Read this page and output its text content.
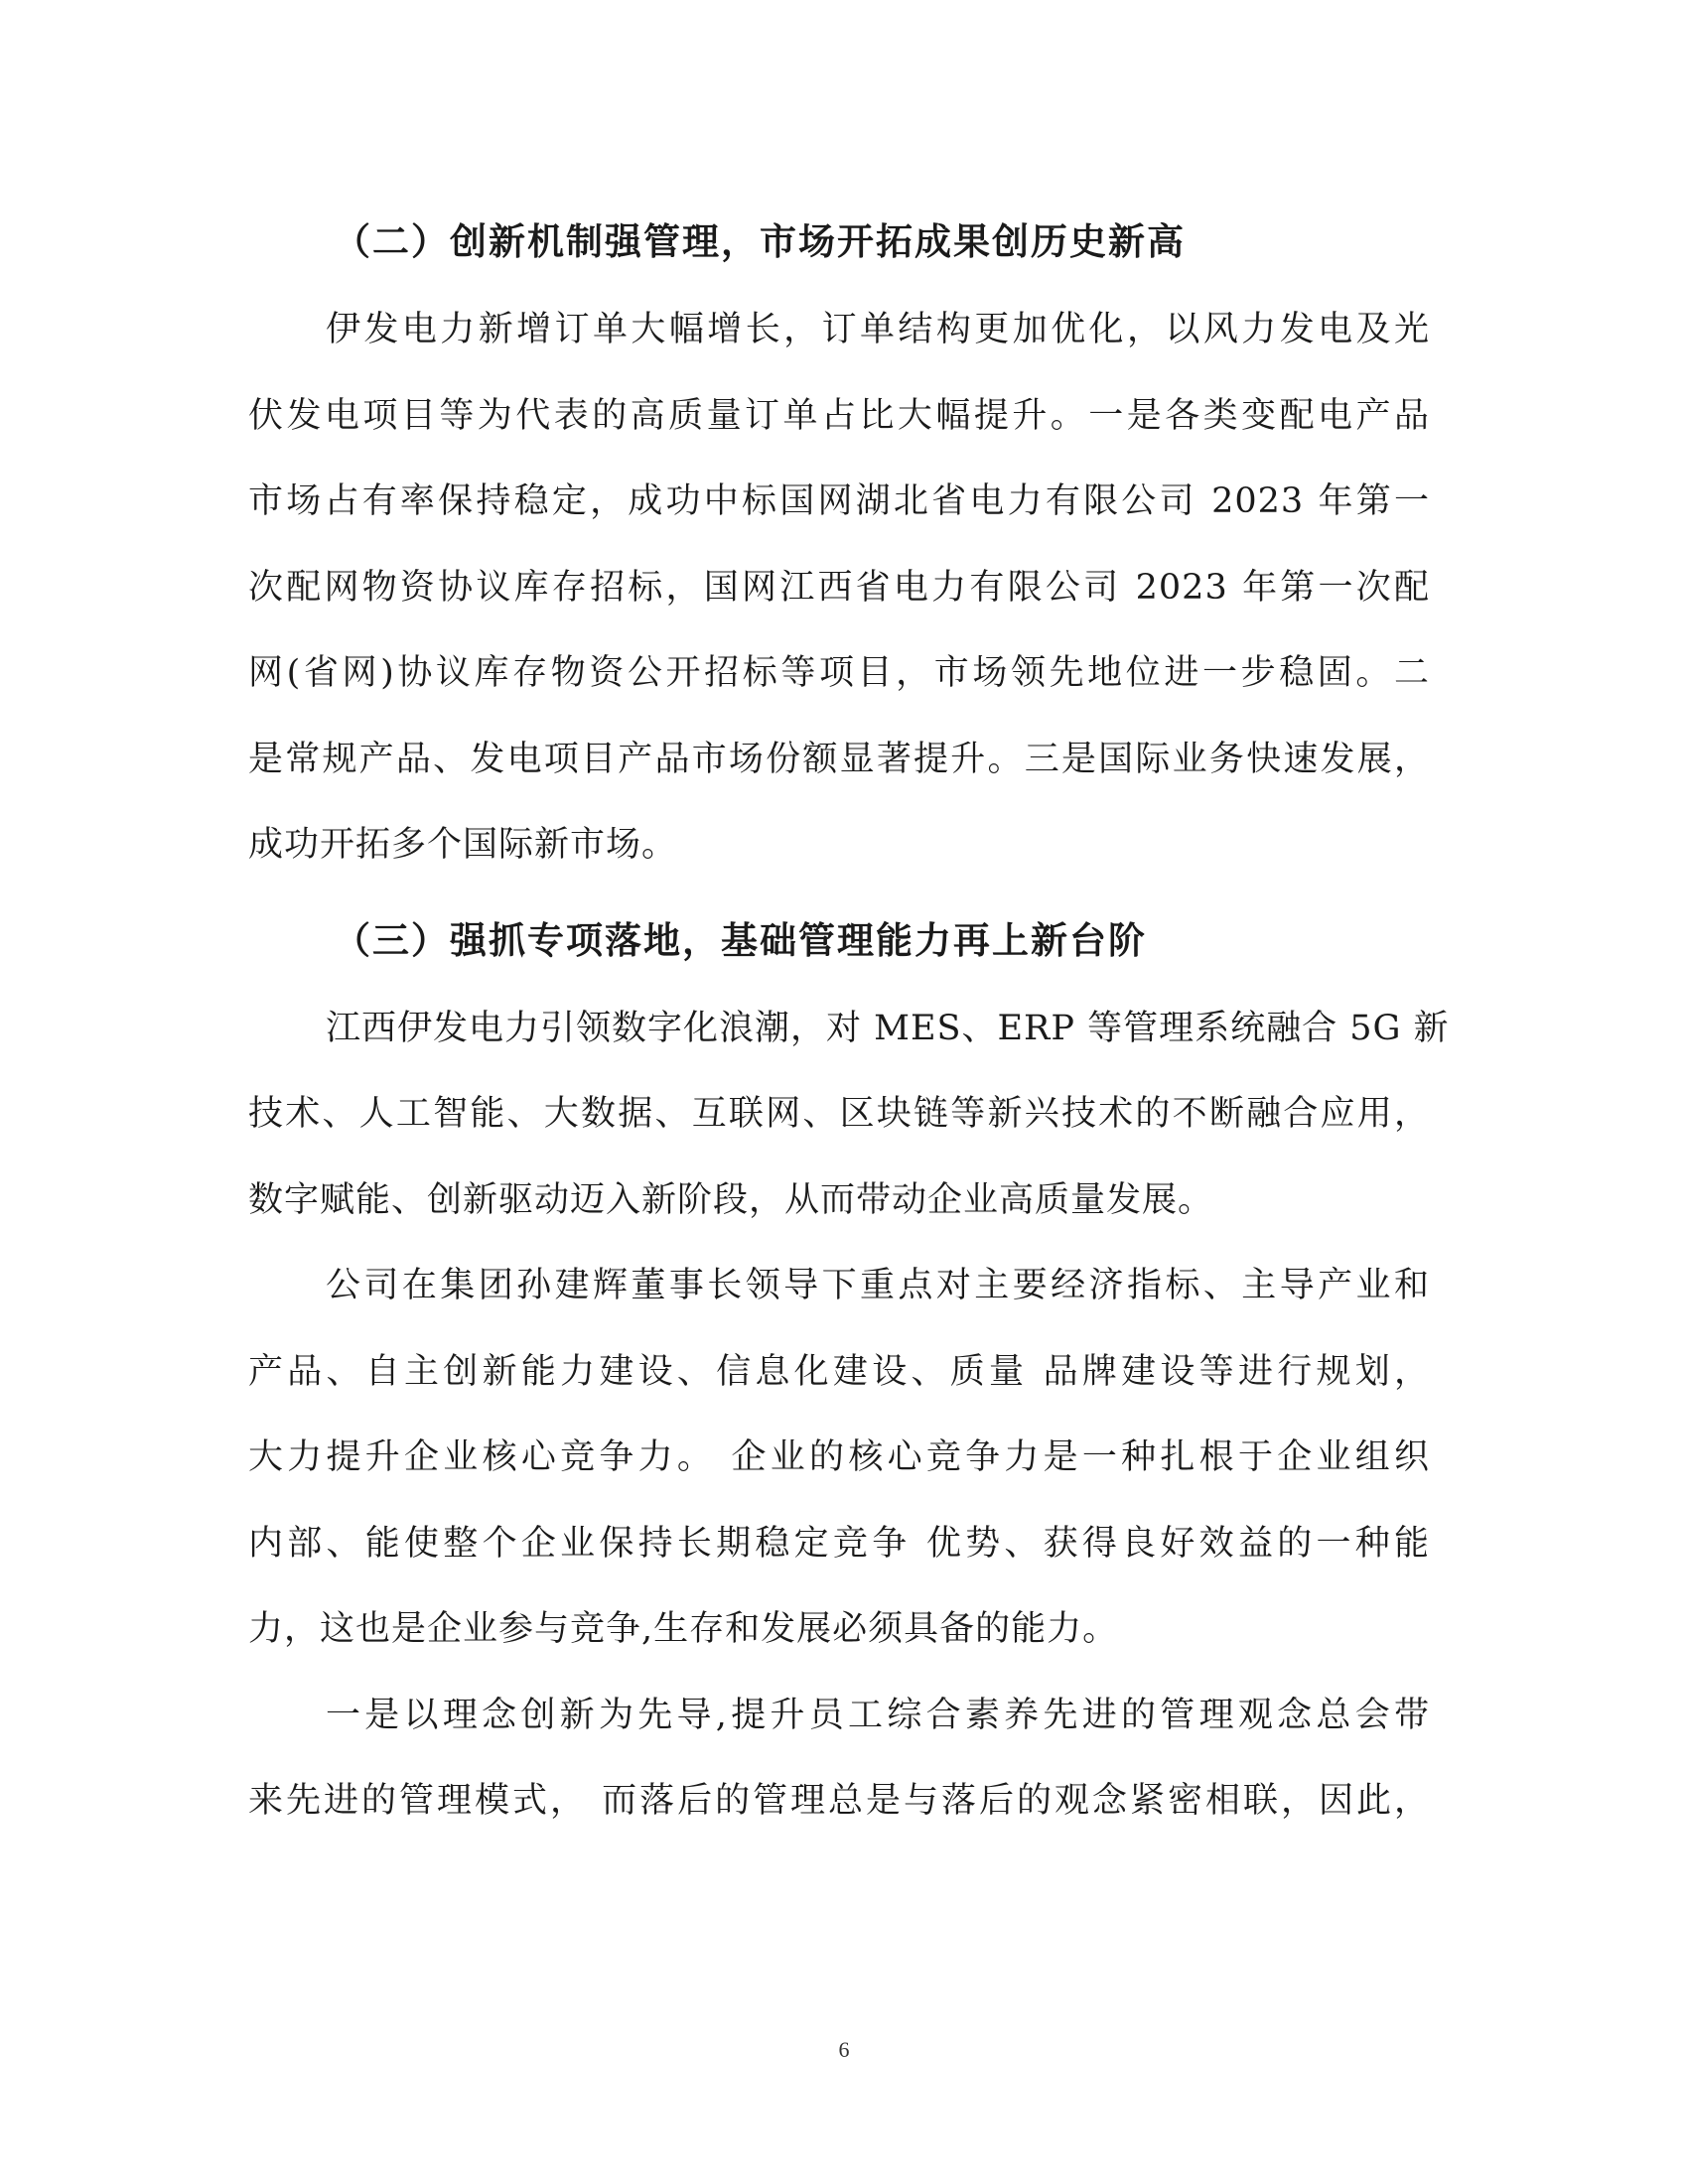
（二）创新机制强管理，市场开拓成果创历史新高

伊发电力新增订单大幅增长，订单结构更加优化，以风力发电及光

伏发电项目等为代表的高质量订单占比大幅提升。一是各类变配电产品

市场占有率保持稳定，成功中标国网湖北省电力有限公司 2023 年第一

次配网物资协议库存招标，国网江西省电力有限公司 2023 年第一次配

网(省网)协议库存物资公开招标等项目，市场领先地位进一步稳固。二

是常规产品、发电项目产品市场份额显著提升。三是国际业务快速发展，

成功开拓多个国际新市场。

（三）强抓专项落地，基础管理能力再上新台阶

江西伊发电力引领数字化浪潮，对 MES、ERP 等管理系统融合 5G 新

技术、人工智能、大数据、互联网、区块链等新兴技术的不断融合应用，

数字赋能、创新驱动迈入新阶段，从而带动企业高质量发展。

公司在集团孙建辉董事长领导下重点对主要经济指标、主导产业和

产品、自主创新能力建设、信息化建设、质量 品牌建设等进行规划，

大力提升企业核心竞争力。 企业的核心竞争力是一种扎根于企业组织

内部、能使整个企业保持长期稳定竞争 优势、获得良好效益的一种能

力，这也是企业参与竞争,生存和发展必须具备的能力。

一是以理念创新为先导,提升员工综合素养先进的管理观念总会带

来先进的管理模式， 而落后的管理总是与落后的观念紧密相联，因此，

6
